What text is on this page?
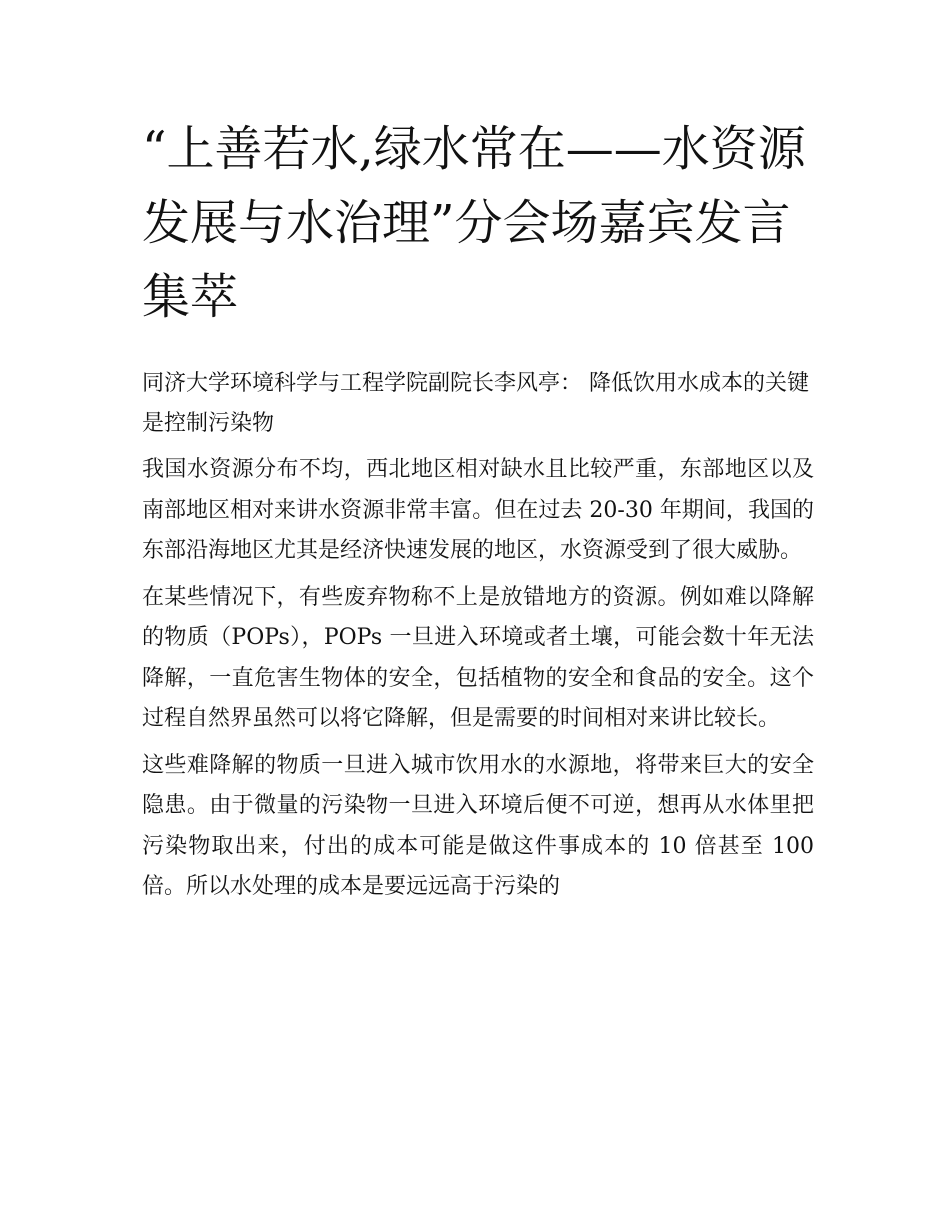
“上善若水,绿水常在——水资源发展与水治理”分会场嘉宾发言集萃

同济大学环境科学与工程学院副院长李风亭： 降低饮用水成本的关键是控制污染物

我国水资源分布不均，西北地区相对缺水且比较严重，东部地区以及南部地区相对来讲水资源非常丰富。但在过去 20-30 年期间，我国的东部沿海地区尤其是经济快速发展的地区，水资源受到了很大威胁。

在某些情况下，有些废弃物称不上是放错地方的资源。例如难以降解的物质（POPs），POPs 一旦进入环境或者土壤，可能会数十年无法降解，一直危害生物体的安全，包括植物的安全和食品的安全。这个过程自然界虽然可以将它降解，但是需要的时间相对来讲比较长。

这些难降解的物质一旦进入城市饮用水的水源地，将带来巨大的安全隐患。由于微量的污染物一旦进入环境后便不可逆，想再从水体里把污染物取出来，付出的成本可能是做这件事成本的 10 倍甚至 100 倍。所以水处理的成本是要远远高于污染的
